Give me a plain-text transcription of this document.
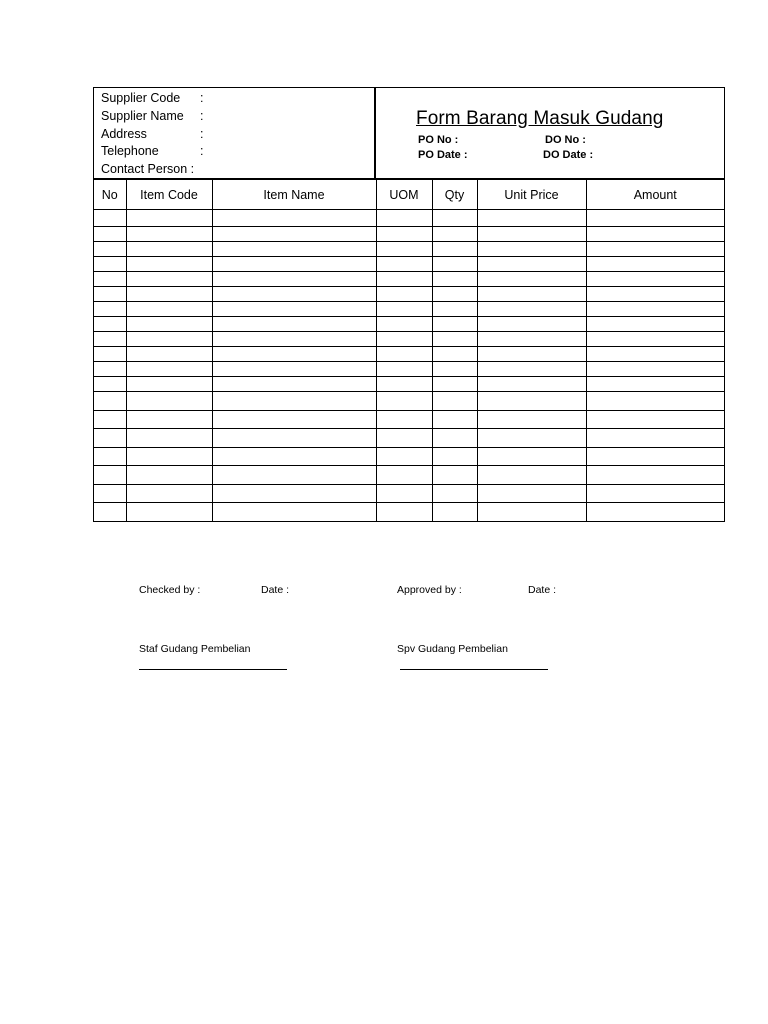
Supplier Code	:
Supplier Name	:
Address	:
Telephone	:
Contact Person :
Form Barang Masuk Gudang
PO No :	DO No :
PO Date :	DO Date :
No	Item Code	Item Name	UOM	Qty	Unit Price	Amount

Checked by :	Date :	Approved by :	Date :
Staf Gudang Pembelian	Spv Gudang Pembelian
